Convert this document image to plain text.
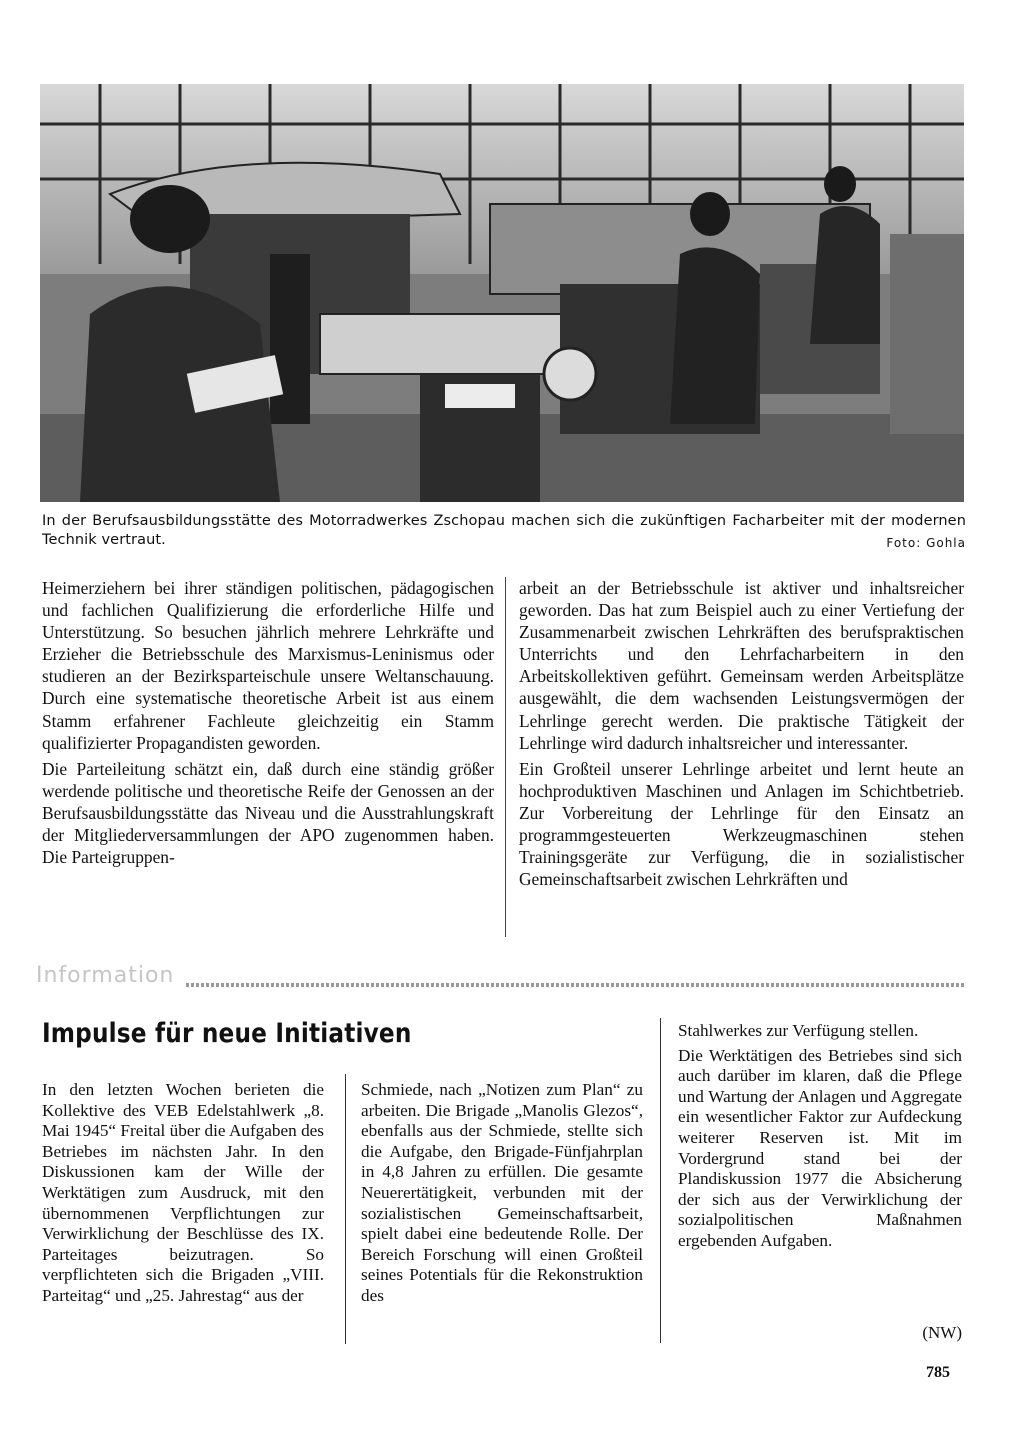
In der Berufsausbildungsstätte des Motorradwerkes Zschopau machen sich die zukünftigen Facharbeiter mit der modernen Technik vertraut.	Foto: Gohla

Heimerziehern bei ihrer ständigen politischen, pädagogischen und fachlichen Qualifizierung die erforderliche Hilfe und Unterstützung. So besuchen jährlich mehrere Lehrkräfte und Erzieher die Betriebsschule des Marxismus-Leninismus oder studieren an der Bezirksparteischule unsere Weltanschauung. Durch eine systematische theoretische Arbeit ist aus einem Stamm erfahrener Fachleute gleichzeitig ein Stamm qualifizierter Propagandisten geworden.

Die Parteileitung schätzt ein, daß durch eine ständig größer werdende politische und theoretische Reife der Genossen an der Berufsausbildungsstätte das Niveau und die Ausstrahlungskraft der Mitgliederversammlungen der APO zugenommen haben. Die Parteigruppen-

arbeit an der Betriebsschule ist aktiver und inhaltsreicher geworden. Das hat zum Beispiel auch zu einer Vertiefung der Zusammenarbeit zwischen Lehrkräften des berufspraktischen Unterrichts und den Lehrfacharbeitern in den Arbeitskollektiven geführt. Gemeinsam werden Arbeitsplätze ausgewählt, die dem wachsenden Leistungsvermögen der Lehrlinge gerecht werden. Die praktische Tätigkeit der Lehrlinge wird dadurch inhaltsreicher und interessanter.

Ein Großteil unserer Lehrlinge arbeitet und lernt heute an hochproduktiven Maschinen und Anlagen im Schichtbetrieb. Zur Vorbereitung der Lehrlinge für den Einsatz an programmgesteuerten Werkzeugmaschinen stehen Trainingsgeräte zur Verfügung, die in sozialistischer Gemeinschaftsarbeit zwischen Lehrkräften und

Information
Impulse für neue Initiativen

In den letzten Wochen berieten die Kollektive des VEB Edelstahlwerk „8. Mai 1945“ Freital über die Aufgaben des Betriebes im nächsten Jahr. In den Diskussionen kam der Wille der Werktätigen zum Ausdruck, mit den übernommenen Verpflichtungen zur Verwirklichung der Beschlüsse des IX. Parteitages beizutragen. So verpflichteten sich die Brigaden „VIII. Parteitag“ und „25. Jahrestag“ aus der

Schmiede, nach „Notizen zum Plan“ zu arbeiten. Die Brigade „Manolis Glezos“, ebenfalls aus der Schmiede, stellte sich die Aufgabe, den Brigade-Fünfjahrplan in 4,8 Jahren zu erfüllen. Die gesamte Neuerertätigkeit, verbunden mit der sozialistischen Gemeinschaftsarbeit, spielt dabei eine bedeutende Rolle. Der Bereich Forschung will einen Großteil seines Potentials für die Rekonstruktion des

Stahlwerkes zur Verfügung stellen.

Die Werktätigen des Betriebes sind sich auch darüber im klaren, daß die Pflege und Wartung der Anlagen und Aggregate ein wesentlicher Faktor zur Aufdeckung weiterer Reserven ist. Mit im Vordergrund stand bei der Plandiskussion 1977 die Absicherung der sich aus der Verwirklichung der sozialpolitischen Maßnahmen ergebenden Aufgaben.

(NW)
785
